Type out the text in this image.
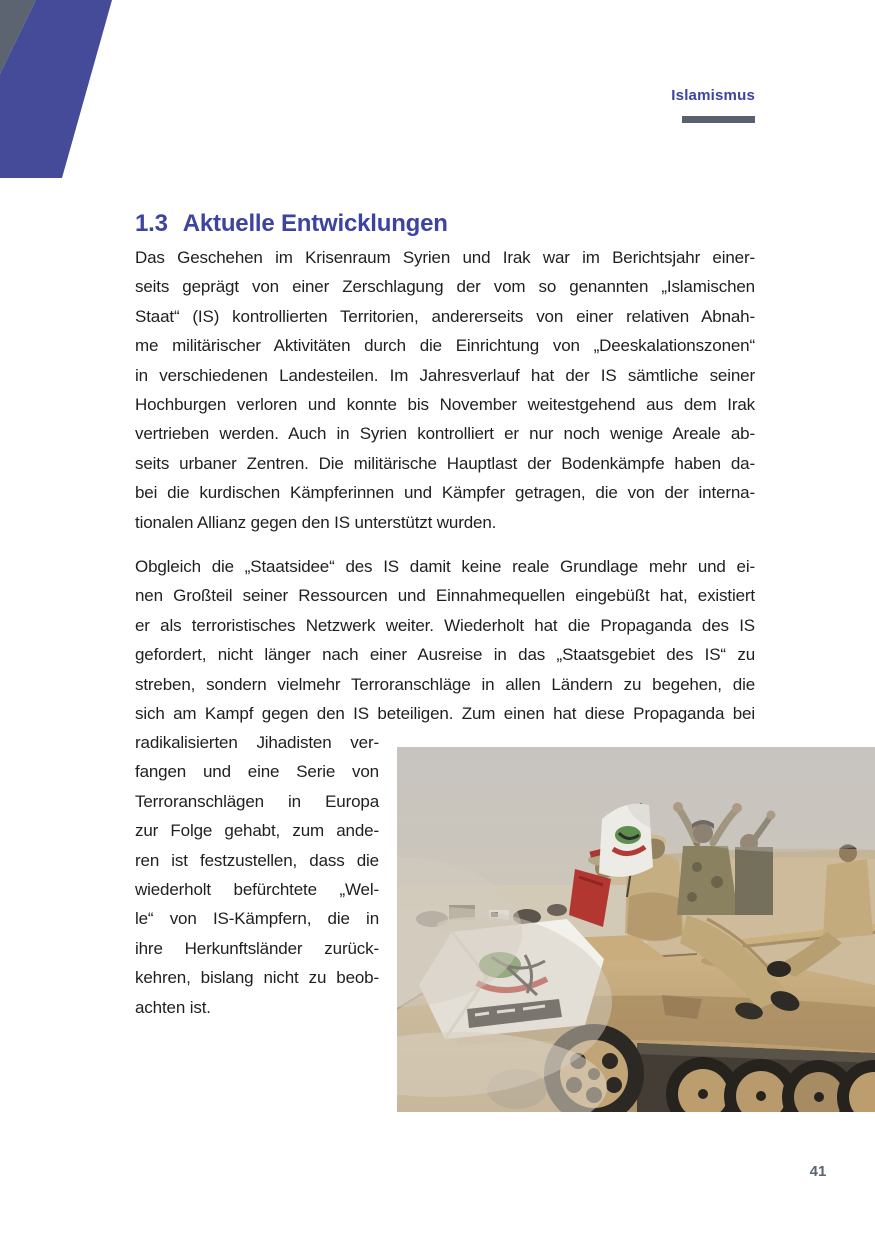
Islamismus
1.3 Aktuelle Entwicklungen
Das Geschehen im Krisenraum Syrien und Irak war im Berichtsjahr einer-
seits geprägt von einer Zerschlagung der vom so genannten „Islamischen
Staat“ (IS) kontrollierten Territorien, andererseits von einer relativen Abnah-
me militärischer Aktivitäten durch die Einrichtung von „Deeskalationszonen“
in verschiedenen Landesteilen. Im Jahresverlauf hat der IS sämtliche seiner
Hochburgen verloren und konnte bis November weitestgehend aus dem Irak
vertrieben werden. Auch in Syrien kontrolliert er nur noch wenige Areale ab-
seits urbaner Zentren. Die militärische Hauptlast der Bodenkämpfe haben da-
bei die kurdischen Kämpferinnen und Kämpfer getragen, die von der interna-
tionalen Allianz gegen den IS unterstützt wurden.
Obgleich die „Staatsidee“ des IS damit keine reale Grundlage mehr und ei-
nen Großteil seiner Ressourcen und Einnahmequellen eingebüßt hat, existiert
er als terroristisches Netzwerk weiter. Wiederholt hat die Propaganda des IS
gefordert, nicht länger nach einer Ausreise in das „Staatsgebiet des IS“ zu
streben, sondern vielmehr Terroranschläge in allen Ländern zu begehen, die
sich am Kampf gegen den IS beteiligen. Zum einen hat diese Propaganda bei
radikalisierten Jihadisten ver-
fangen und eine Serie von
Terroranschlägen in Europa
zur Folge gehabt, zum ande-
ren ist festzustellen, dass die
wiederholt befürchtete „Wel-
le“ von IS-Kämpfern, die in
ihre Herkunftsländer zurück-
kehren, bislang nicht zu beob-
achten ist.
41
